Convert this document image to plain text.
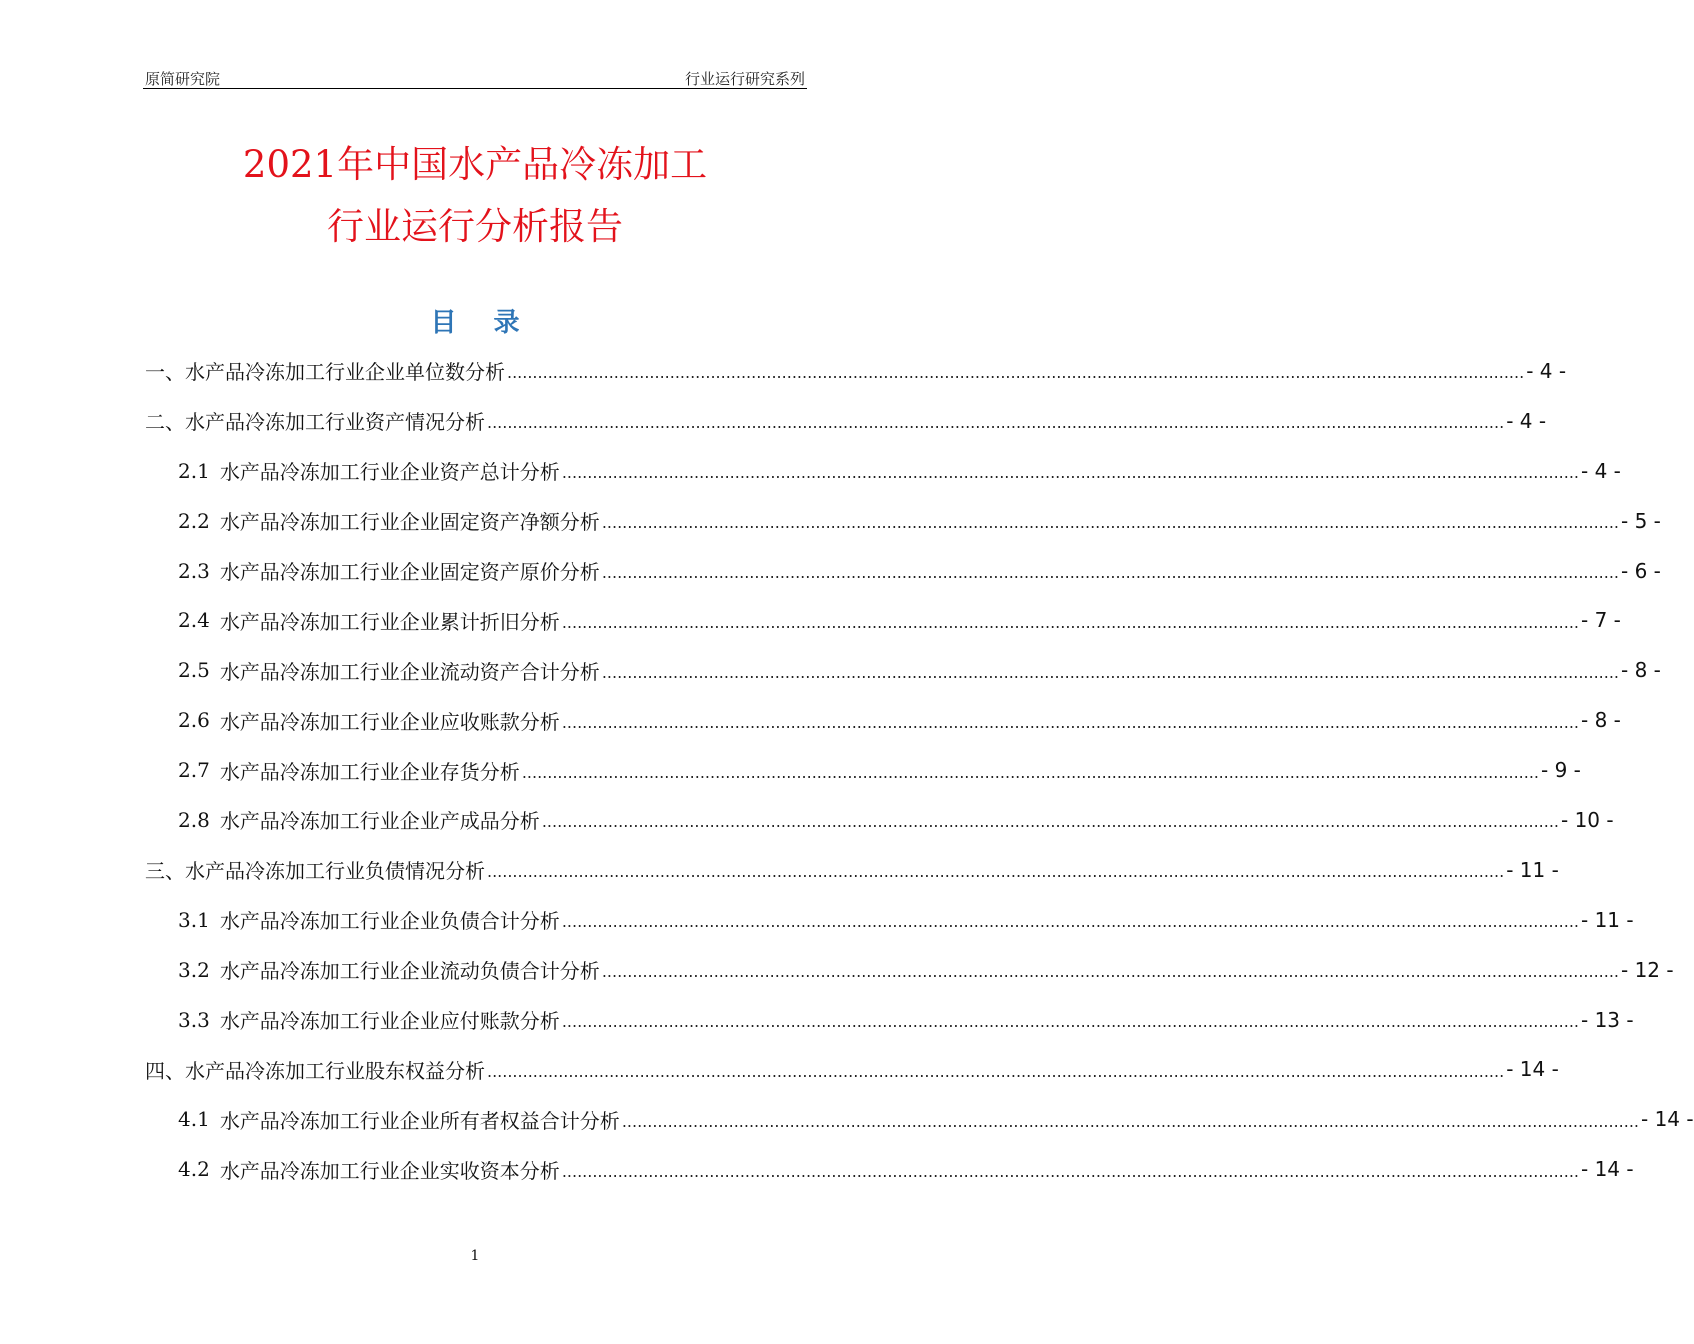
原简研究院	行业运行研究系列
2021年中国水产品冷冻加工
行业运行分析报告
目 录
一、水产品冷冻加工行业企业单位数分析 ........................................................................................................................................................................................................ - 4 -
二、水产品冷冻加工行业资产情况分析 ........................................................................................................................................................................................................ - 4 -
2.1 水产品冷冻加工行业企业资产总计分析 ........................................................................................................................................................................................................ - 4 -
2.2 水产品冷冻加工行业企业固定资产净额分析 ........................................................................................................................................................................................................ - 5 -
2.3 水产品冷冻加工行业企业固定资产原价分析 ........................................................................................................................................................................................................ - 6 -
2.4 水产品冷冻加工行业企业累计折旧分析 ........................................................................................................................................................................................................ - 7 -
2.5 水产品冷冻加工行业企业流动资产合计分析 ........................................................................................................................................................................................................ - 8 -
2.6 水产品冷冻加工行业企业应收账款分析 ........................................................................................................................................................................................................ - 8 -
2.7 水产品冷冻加工行业企业存货分析 ........................................................................................................................................................................................................ - 9 -
2.8 水产品冷冻加工行业企业产成品分析 ........................................................................................................................................................................................................ - 10 -
三、水产品冷冻加工行业负债情况分析 ........................................................................................................................................................................................................ - 11 -
3.1 水产品冷冻加工行业企业负债合计分析 ........................................................................................................................................................................................................ - 11 -
3.2 水产品冷冻加工行业企业流动负债合计分析 ........................................................................................................................................................................................................ - 12 -
3.3 水产品冷冻加工行业企业应付账款分析 ........................................................................................................................................................................................................ - 13 -
四、水产品冷冻加工行业股东权益分析 ........................................................................................................................................................................................................ - 14 -
4.1 水产品冷冻加工行业企业所有者权益合计分析 ........................................................................................................................................................................................................ - 14 -
4.2 水产品冷冻加工行业企业实收资本分析 ........................................................................................................................................................................................................ - 14 -
1
